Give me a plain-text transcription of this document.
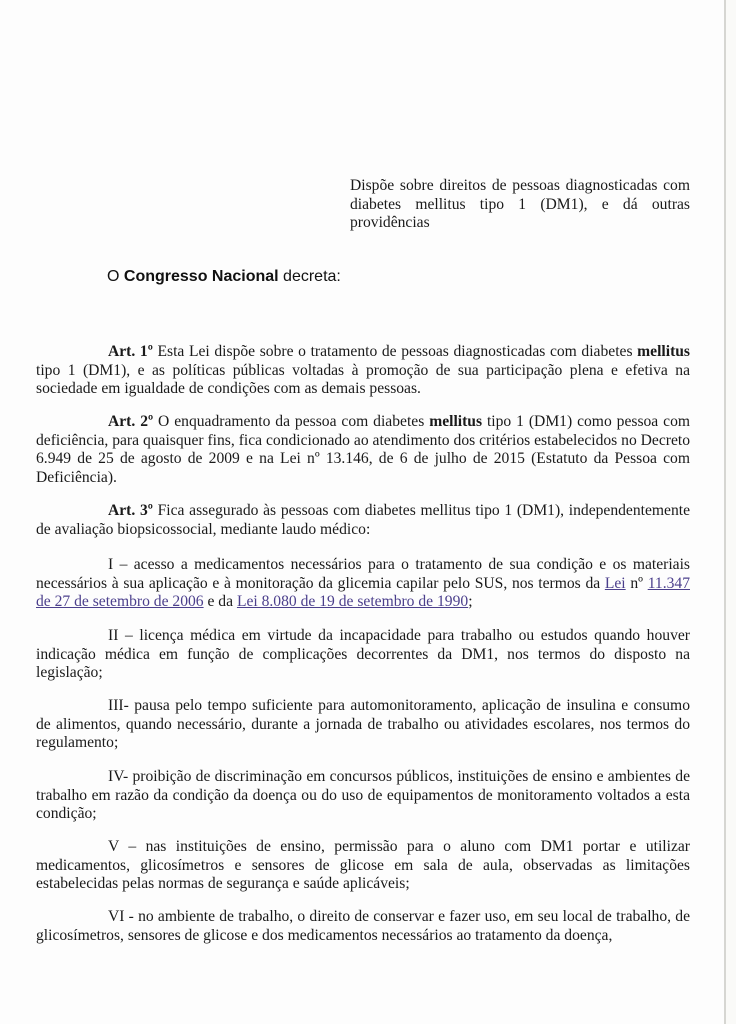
Dispõe sobre direitos de pessoas diagnosticadas com diabetes mellitus tipo 1 (DM1), e dá outras providências
O Congresso Nacional decreta:
Art. 1º Esta Lei dispõe sobre o tratamento de pessoas diagnosticadas com diabetes mellitus tipo 1 (DM1), e as políticas públicas voltadas à promoção de sua participação plena e efetiva na sociedade em igualdade de condições com as demais pessoas.
Art. 2º O enquadramento da pessoa com diabetes mellitus tipo 1 (DM1) como pessoa com deficiência, para quaisquer fins, fica condicionado ao atendimento dos critérios estabelecidos no Decreto 6.949 de 25 de agosto de 2009 e na Lei nº 13.146, de 6 de julho de 2015 (Estatuto da Pessoa com Deficiência).
Art. 3º Fica assegurado às pessoas com diabetes mellitus tipo 1 (DM1), independentemente de avaliação biopsicossocial, mediante laudo médico:
I – acesso a medicamentos necessários para o tratamento de sua condição e os materiais necessários à sua aplicação e à monitoração da glicemia capilar pelo SUS, nos termos da Lei nº 11.347 de 27 de setembro de 2006 e da Lei 8.080 de 19 de setembro de 1990;
II – licença médica em virtude da incapacidade para trabalho ou estudos quando houver indicação médica em função de complicações decorrentes da DM1, nos termos do disposto na legislação;
III- pausa pelo tempo suficiente para automonitoramento, aplicação de insulina e consumo de alimentos, quando necessário, durante a jornada de trabalho ou atividades escolares, nos termos do regulamento;
IV- proibição de discriminação em concursos públicos, instituições de ensino e ambientes de trabalho em razão da condição da doença ou do uso de equipamentos de monitoramento voltados a esta condição;
V – nas instituições de ensino, permissão para o aluno com DM1 portar e utilizar medicamentos, glicosímetros e sensores de glicose em sala de aula, observadas as limitações estabelecidas pelas normas de segurança e saúde aplicáveis;
VI - no ambiente de trabalho, o direito de conservar e fazer uso, em seu local de trabalho, de glicosímetros, sensores de glicose e dos medicamentos necessários ao tratamento da doença,
